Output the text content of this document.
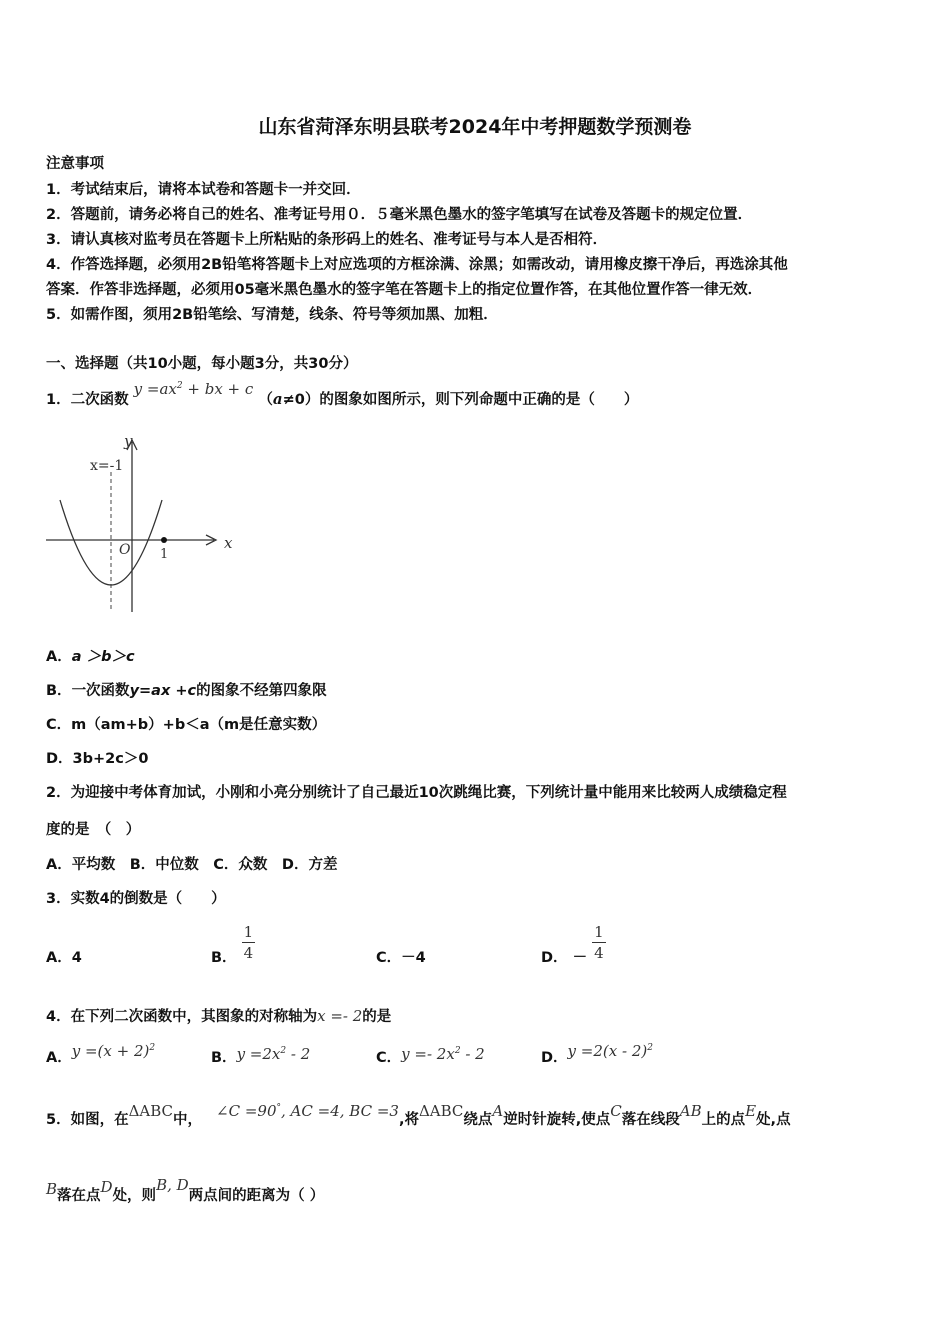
山东省菏泽东明县联考2024年中考押题数学预测卷
注意事项
1．考试结束后，请将本试卷和答题卡一并交回．
2．答题前，请务必将自己的姓名、准考证号用０．５毫米黑色墨水的签字笔填写在试卷及答题卡的规定位置．
3．请认真核对监考员在答题卡上所粘贴的条形码上的姓名、准考证号与本人是否相符．
4．作答选择题，必须用2B铅笔将答题卡上对应选项的方框涂满、涂黑；如需改动，请用橡皮擦干净后，再选涂其他
答案．作答非选择题，必须用05毫米黑色墨水的签字笔在答题卡上的指定位置作答，在其他位置作答一律无效．
5．如需作图，须用2B铅笔绘、写清楚，线条、符号等须加黑、加粗．
一、选择题（共10小题，每小题3分，共30分）
1．二次函数 $y =ax^2$ + bx + c （a≠0）的图象如图所示，则下列命题中正确的是（　　）
x
y
O 1
x=-1
A．a ＞b＞c
B．一次函数y=ax +c的图象不经第四象限
C．m（am+b）+b＜a（m是任意实数）
D．3b+2c＞0
2．为迎接中考体育加试，小刚和小亮分别统计了自己最近10次跳绳比赛，下列统计量中能用来比较两人成绩稳定程
度的是　（　）
A．平均数　B．中位数　C．众数　D．方差
3．实数4的倒数是（　　）
A．4	B． $\frac{1}{4}$	C．－4	D． － $\frac{1}{4}$
4．在下列二次函数中，其图象的对称轴为x =- 2的是
A．$y =(x + 2)^2$
B．$y =2x^2 - 2$	C．$y =- 2x^2 - 2$	D．y =2(x - 2)$^2$
5．如图，在ΔABC中， ∠C =90°, AC =4, BC =3,将ΔABC绕点A逆时针旋转,使点C落在线段AB上的点E处,点
B落在点D处，则B, D两点间的距离为（ ）
